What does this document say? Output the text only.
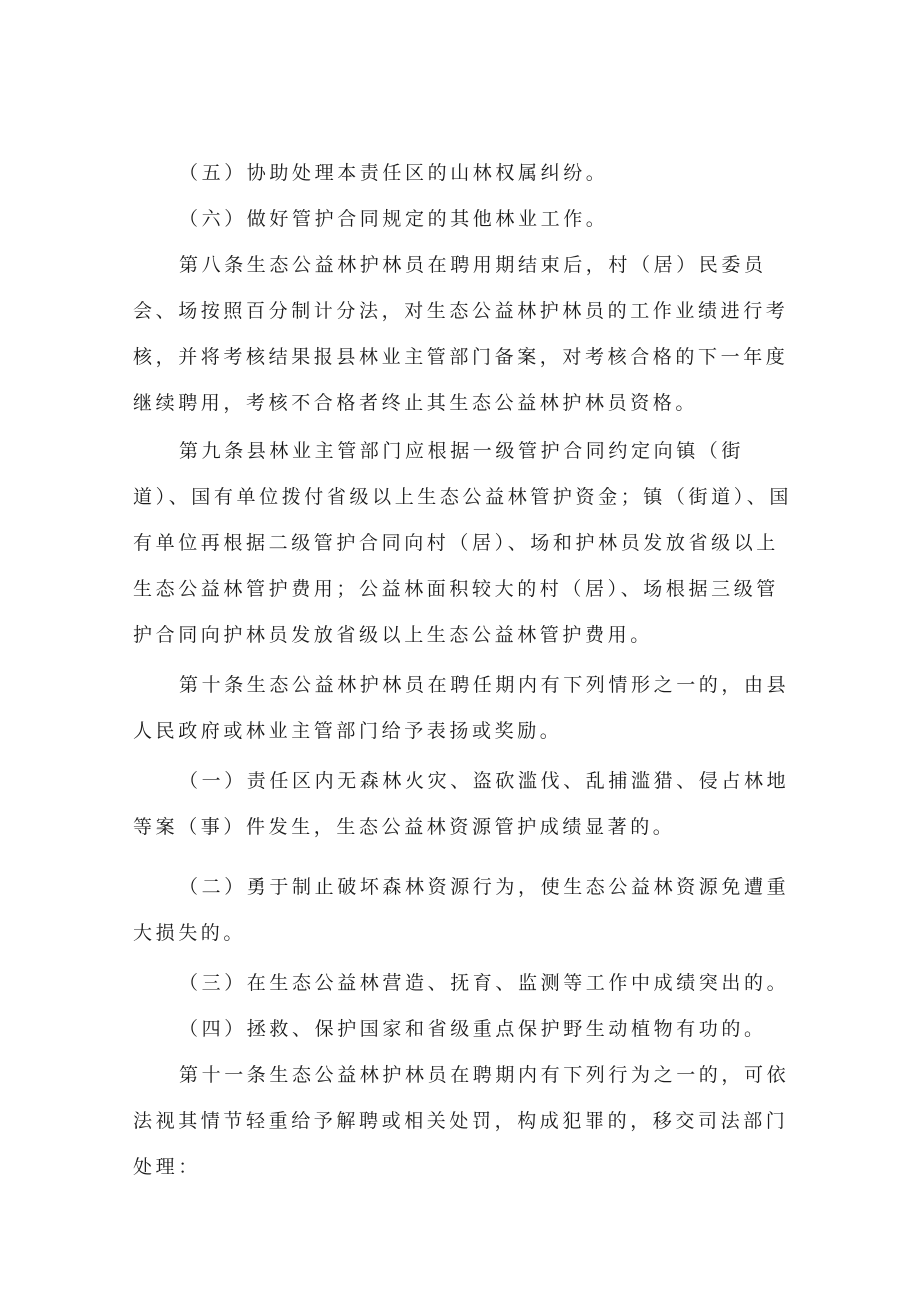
（五）协助处理本责任区的山林权属纠纷。

（六）做好管护合同规定的其他林业工作。

第八条生态公益林护林员在聘用期结束后，村（居）民委员会、场按照百分制计分法，对生态公益林护林员的工作业绩进行考核，并将考核结果报县林业主管部门备案，对考核合格的下一年度继续聘用，考核不合格者终止其生态公益林护林员资格。

第九条县林业主管部门应根据一级管护合同约定向镇（街道）、国有单位拨付省级以上生态公益林管护资金；镇（街道）、国有单位再根据二级管护合同向村（居）、场和护林员发放省级以上生态公益林管护费用；公益林面积较大的村（居）、场根据三级管护合同向护林员发放省级以上生态公益林管护费用。

第十条生态公益林护林员在聘任期内有下列情形之一的，由县人民政府或林业主管部门给予表扬或奖励。

（一）责任区内无森林火灾、盗砍滥伐、乱捕滥猎、侵占林地等案（事）件发生，生态公益林资源管护成绩显著的。

（二）勇于制止破坏森林资源行为，使生态公益林资源免遭重大损失的。

（三）在生态公益林营造、抚育、监测等工作中成绩突出的。

（四）拯救、保护国家和省级重点保护野生动植物有功的。

第十一条生态公益林护林员在聘期内有下列行为之一的，可依法视其情节轻重给予解聘或相关处罚，构成犯罪的，移交司法部门处理：
